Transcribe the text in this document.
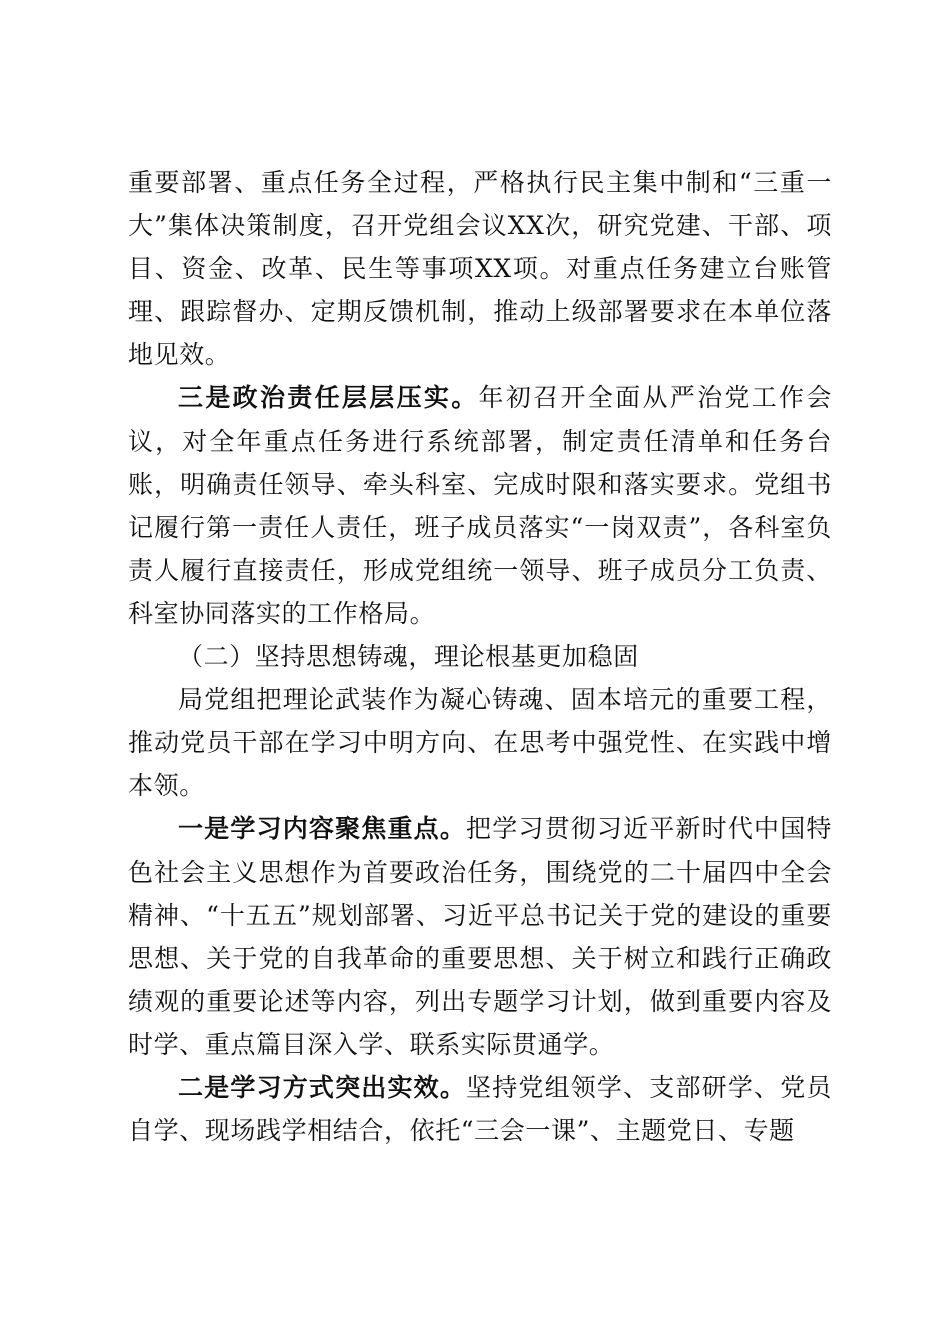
重要部署、重点任务全过程，严格执行民主集中制和“三重一大”集体决策制度，召开党组会议XX次，研究党建、干部、项目、资金、改革、民生等事项XX项。对重点任务建立台账管理、跟踪督办、定期反馈机制，推动上级部署要求在本单位落地见效。

三是政治责任层层压实。年初召开全面从严治党工作会议，对全年重点任务进行系统部署，制定责任清单和任务台账，明确责任领导、牵头科室、完成时限和落实要求。党组书记履行第一责任人责任，班子成员落实“一岗双责”，各科室负责人履行直接责任，形成党组统一领导、班子成员分工负责、科室协同落实的工作格局。

（二）坚持思想铸魂，理论根基更加稳固

局党组把理论武装作为凝心铸魂、固本培元的重要工程，推动党员干部在学习中明方向、在思考中强党性、在实践中增本领。

一是学习内容聚焦重点。把学习贯彻习近平新时代中国特色社会主义思想作为首要政治任务，围绕党的二十届四中全会精神、“十五五”规划部署、习近平总书记关于党的建设的重要思想、关于党的自我革命的重要思想、关于树立和践行正确政绩观的重要论述等内容，列出专题学习计划，做到重要内容及时学、重点篇目深入学、联系实际贯通学。

二是学习方式突出实效。坚持党组领学、支部研学、党员自学、现场践学相结合，依托“三会一课”、主题党日、专题
